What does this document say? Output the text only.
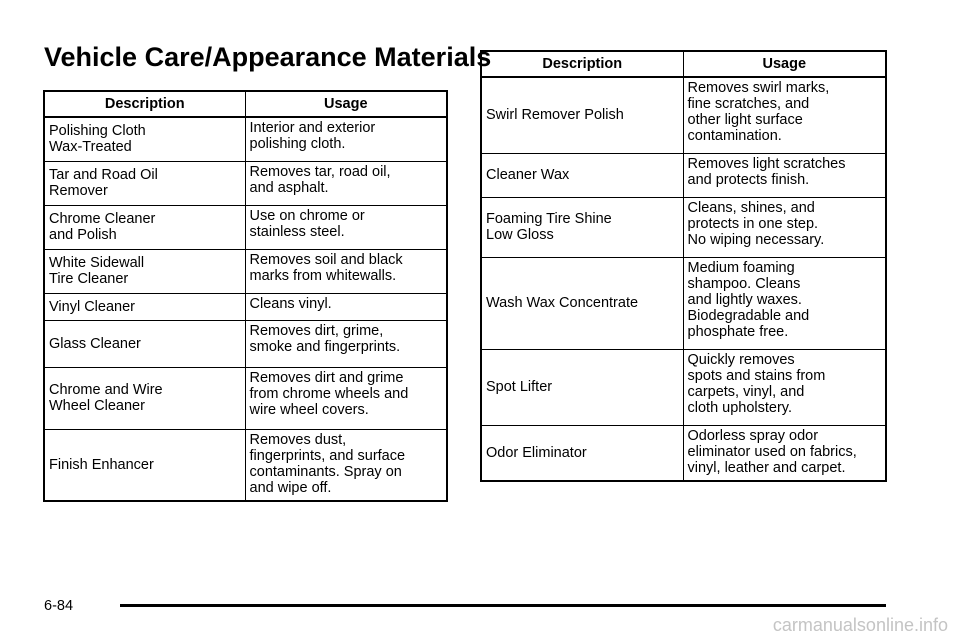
Vehicle Care/Appearance Materials
Description	Usage
Polishing Cloth
Wax-Treated	Interior and exterior
polishing cloth.
Tar and Road Oil
Remover	Removes tar, road oil,
and asphalt.
Chrome Cleaner
and Polish	Use on chrome or
stainless steel.
White Sidewall
Tire Cleaner	Removes soil and black
marks from whitewalls.
Vinyl Cleaner	Cleans vinyl.
Glass Cleaner	Removes dirt, grime,
smoke and fingerprints.
Chrome and Wire
Wheel Cleaner	Removes dirt and grime
from chrome wheels and
wire wheel covers.
Finish Enhancer	Removes dust,
fingerprints, and surface
contaminants. Spray on
and wipe off.
Description	Usage
Swirl Remover Polish	Removes swirl marks,
fine scratches, and
other light surface
contamination.
Cleaner Wax	Removes light scratches
and protects finish.
Foaming Tire Shine
Low Gloss	Cleans, shines, and
protects in one step.
No wiping necessary.
Wash Wax Concentrate	Medium foaming
shampoo. Cleans
and lightly waxes.
Biodegradable and
phosphate free.
Spot Lifter	Quickly removes
spots and stains from
carpets, vinyl, and
cloth upholstery.
Odor Eliminator	Odorless spray odor
eliminator used on fabrics,
vinyl, leather and carpet.
6-84
carmanualsonline.info
